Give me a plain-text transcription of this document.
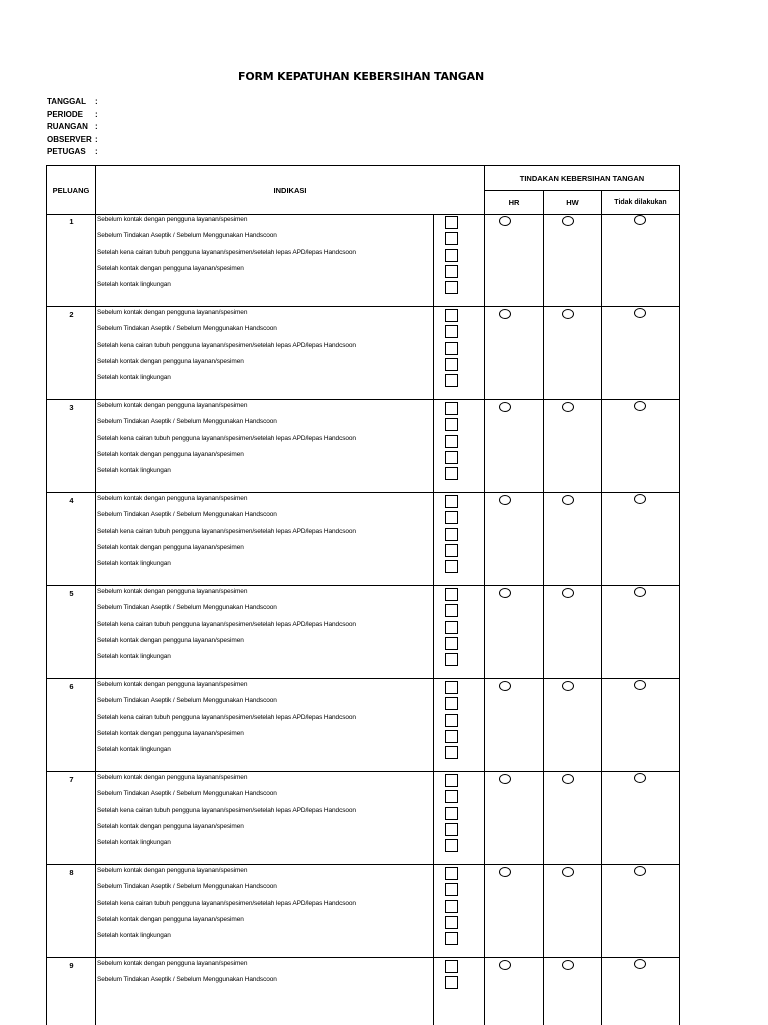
FORM KEPATUHAN KEBERSIHAN TANGAN
TANGGAL	:
PERIODE	:
RUANGAN :
OBSERVER :
PETUGAS	:
PELUANG	INDIKASI
TINDAKAN KEBERSIHAN TANGAN
HR	HW	Tidak dilakukan
1	Sebelum kontak dengan pengguna layanan/spesimen
Sebelum Tindakan Aseptik / Sebelum Menggunakan Handscoon
Setelah kena cairan tubuh pengguna layanan/spesimen/setelah lepas APD/lepas Handcsoon
Setelah kontak dengan pengguna layanan/spesimen
Setelah kontak lingkungan
2	Sebelum kontak dengan pengguna layanan/spesimen
Sebelum Tindakan Aseptik / Sebelum Menggunakan Handscoon
Setelah kena cairan tubuh pengguna layanan/spesimen/setelah lepas APD/lepas Handcsoon
Setelah kontak dengan pengguna layanan/spesimen
Setelah kontak lingkungan
3	Sebelum kontak dengan pengguna layanan/spesimen
Sebelum Tindakan Aseptik / Sebelum Menggunakan Handscoon
Setelah kena cairan tubuh pengguna layanan/spesimen/setelah lepas APD/lepas Handcsoon
Setelah kontak dengan pengguna layanan/spesimen
Setelah kontak lingkungan
4	Sebelum kontak dengan pengguna layanan/spesimen
Sebelum Tindakan Aseptik / Sebelum Menggunakan Handscoon
Setelah kena cairan tubuh pengguna layanan/spesimen/setelah lepas APD/lepas Handcsoon
Setelah kontak dengan pengguna layanan/spesimen
Setelah kontak lingkungan
5	Sebelum kontak dengan pengguna layanan/spesimen
Sebelum Tindakan Aseptik / Sebelum Menggunakan Handscoon
Setelah kena cairan tubuh pengguna layanan/spesimen/setelah lepas APD/lepas Handcsoon
Setelah kontak dengan pengguna layanan/spesimen
Setelah kontak lingkungan
6	Sebelum kontak dengan pengguna layanan/spesimen
Sebelum Tindakan Aseptik / Sebelum Menggunakan Handscoon
Setelah kena cairan tubuh pengguna layanan/spesimen/setelah lepas APD/lepas Handcsoon
Setelah kontak dengan pengguna layanan/spesimen
Setelah kontak lingkungan
7	Sebelum kontak dengan pengguna layanan/spesimen
Sebelum Tindakan Aseptik / Sebelum Menggunakan Handscoon
Setelah kena cairan tubuh pengguna layanan/spesimen/setelah lepas APD/lepas Handcsoon
Setelah kontak dengan pengguna layanan/spesimen
Setelah kontak lingkungan
8	Sebelum kontak dengan pengguna layanan/spesimen
Sebelum Tindakan Aseptik / Sebelum Menggunakan Handscoon
Setelah kena cairan tubuh pengguna layanan/spesimen/setelah lepas APD/lepas Handcsoon
Setelah kontak dengan pengguna layanan/spesimen
Setelah kontak lingkungan
9	Sebelum kontak dengan pengguna layanan/spesimen
Sebelum Tindakan Aseptik / Sebelum Menggunakan Handscoon
